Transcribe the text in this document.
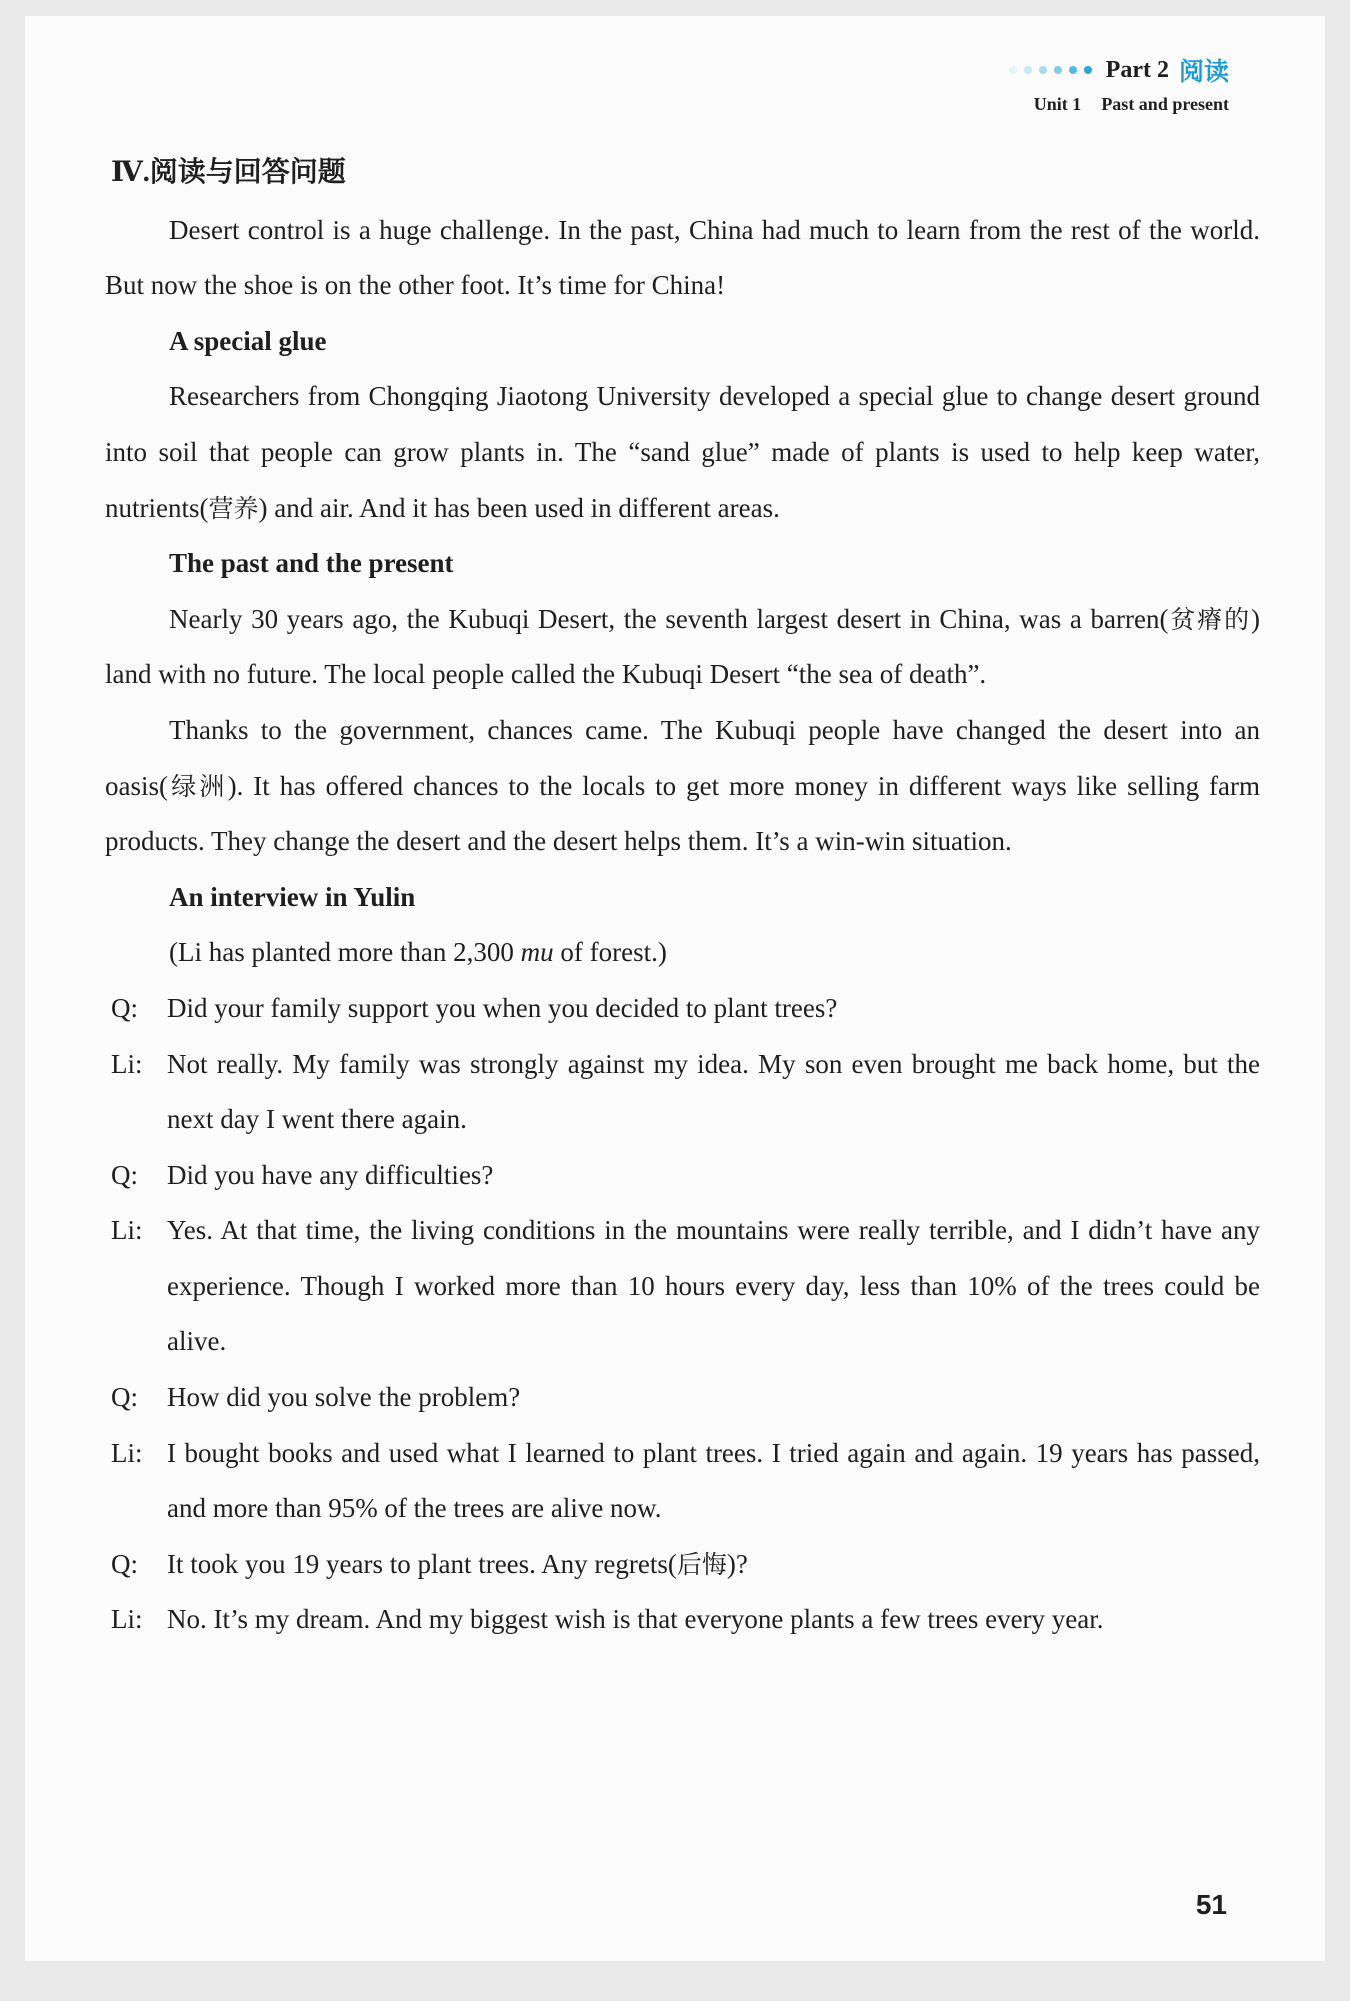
Part 2 阅读
Unit 1 Past and present
Ⅳ.阅读与回答问题

Desert control is a huge challenge. In the past, China had much to learn from the rest of the world. But now the shoe is on the other foot. It’s time for China!

A special glue

Researchers from Chongqing Jiaotong University developed a special glue to change desert ground into soil that people can grow plants in. The “sand glue” made of plants is used to help keep water, nutrients(营养) and air. And it has been used in different areas.

The past and the present

Nearly 30 years ago, the Kubuqi Desert, the seventh largest desert in China, was a barren(贫瘠的) land with no future. The local people called the Kubuqi Desert “the sea of death”.

Thanks to the government, chances came. The Kubuqi people have changed the desert into an oasis(绿洲). It has offered chances to the locals to get more money in different ways like selling farm products. They change the desert and the desert helps them. It’s a win-win situation.

An interview in Yulin
(Li has planted more than 2,300 mu of forest.)
Q:	Did your family support you when you decided to plant trees?
Li: Not really. My family was strongly against my idea. My son even brought me back home, but the next day I went there again.
Q:	Did you have any difficulties?
Li: Yes. At that time, the living conditions in the mountains were really terrible, and I didn’t have any experience. Though I worked more than 10 hours every day, less than 10% of the trees could be alive.
Q:	How did you solve the problem?
Li: I bought books and used what I learned to plant trees. I tried again and again. 19 years has passed, and more than 95% of the trees are alive now.
Q:	It took you 19 years to plant trees. Any regrets(后悔)?
Li: No. It’s my dream. And my biggest wish is that everyone plants a few trees every year.
51
